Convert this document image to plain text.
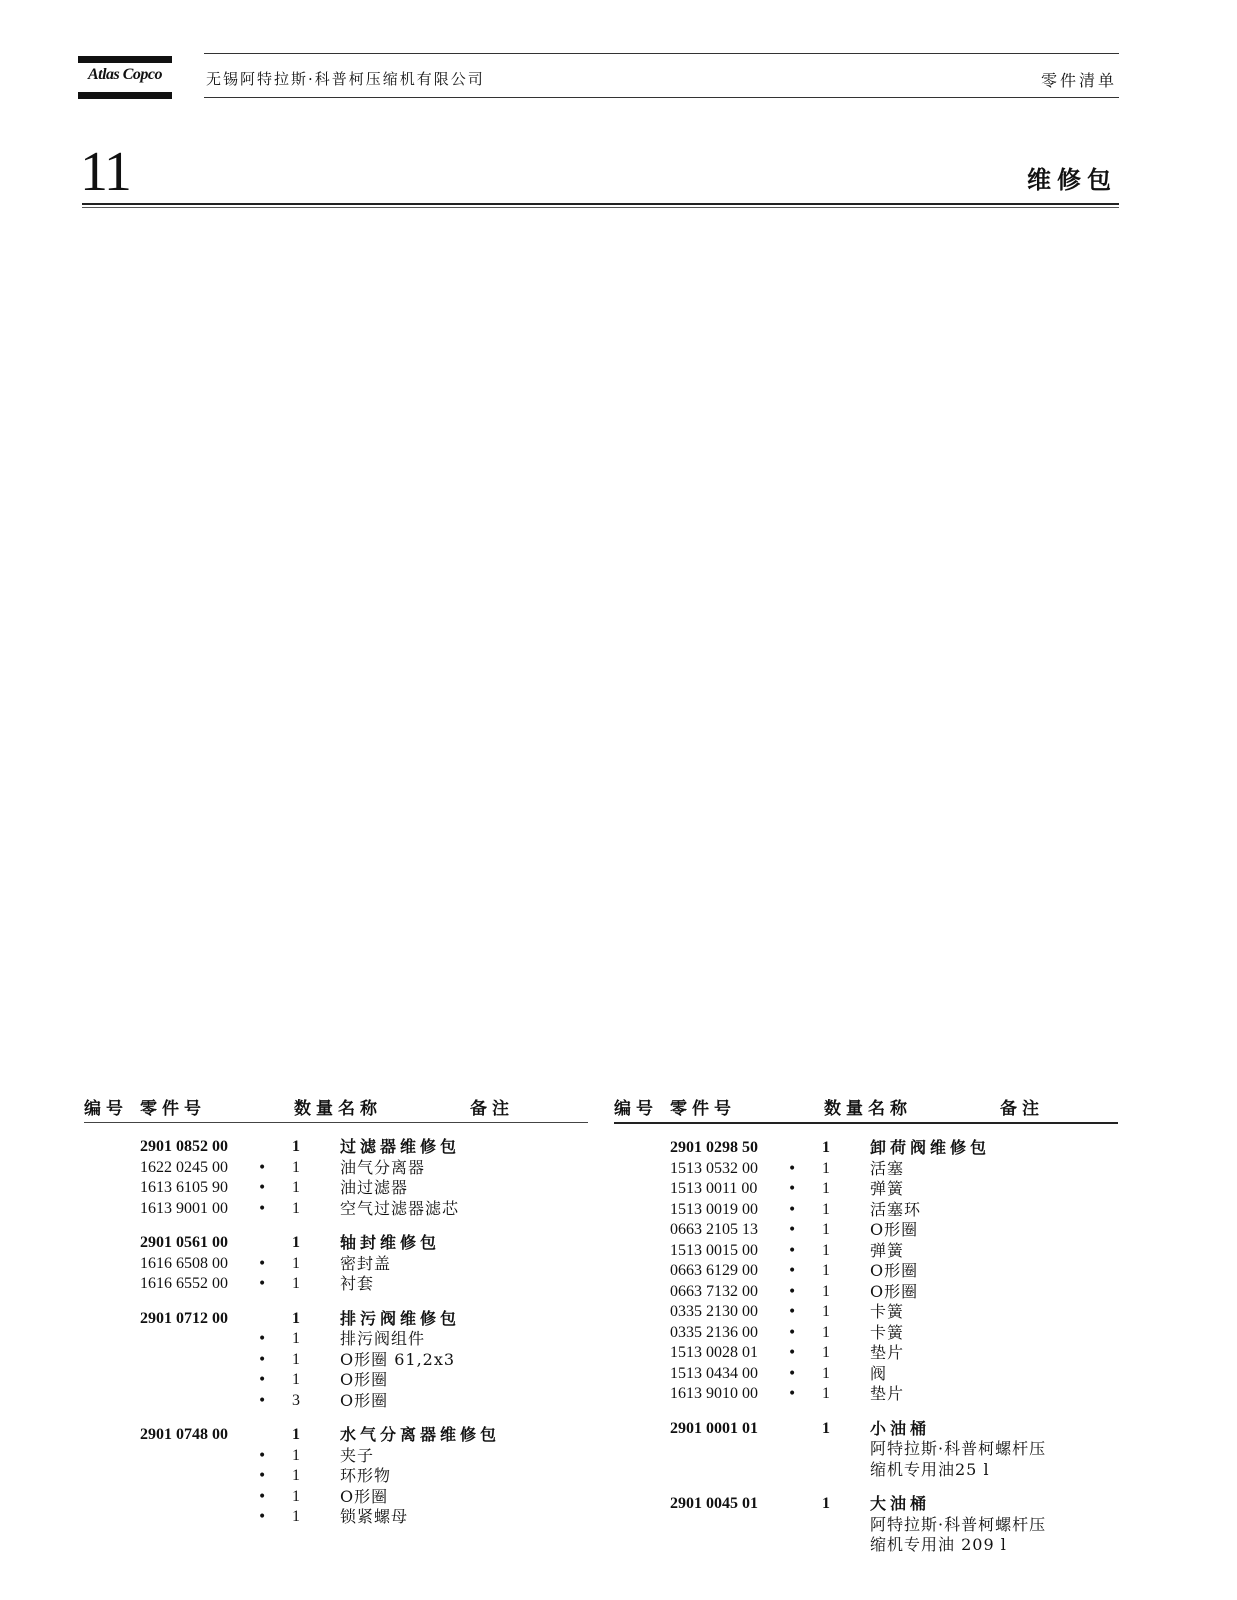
Atlas Copco	无锡阿特拉斯·科普柯压缩机有限公司	零件清单
11	维修包
编号 零件号	数量 名称	备注
2901 0852 00	1	过滤器维修包
1622 0245 00 • 1	油气分离器
1613 6105 90 • 1	油过滤器
1613 9001 00 • 1	空气过滤器滤芯
2901 0561 00	1	轴封维修包
1616 6508 00 • 1	密封盖
1616 6552 00 • 1	衬套
2901 0712 00	1	排污阀维修包
• 1	排污阀组件
• 1	O形圈 61,2x3
• 1	O形圈
• 3	O形圈
2901 0748 00	1	水气分离器维修包
• 1	夹子
• 1	环形物
• 1	O形圈
• 1	锁紧螺母
编号 零件号	数量 名称	备注
2901 0298 50	1	卸荷阀维修包
1513 0532 00 • 1	活塞
1513 0011 00 • 1	弹簧
1513 0019 00 • 1	活塞环
0663 2105 13 • 1	O形圈
1513 0015 00 • 1	弹簧
0663 6129 00 • 1	O形圈
0663 7132 00 • 1	O形圈
0335 2130 00 • 1	卡簧
0335 2136 00 • 1	卡簧
1513 0028 01 • 1	垫片
1513 0434 00 • 1	阀
1613 9010 00 • 1	垫片
2901 0001 01	1	小油桶
阿特拉斯·科普柯螺杆压
缩机专用油25 l
2901 0045 01	1	大油桶
阿特拉斯·科普柯螺杆压
缩机专用油 209 l
